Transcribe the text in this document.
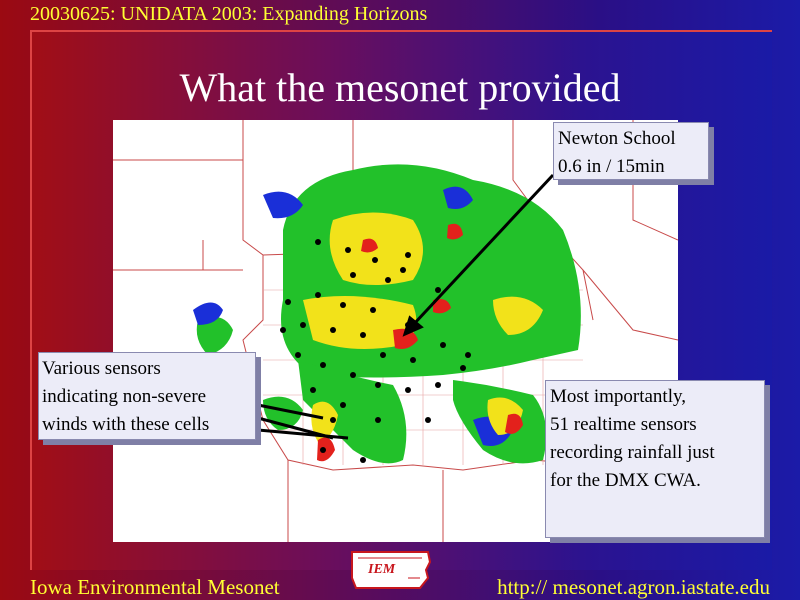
20030625: UNIDATA 2003: Expanding Horizons
What the mesonet provided
Newton School
0.6 in / 15min
Various sensors
indicating non-severe
winds with these cells
Most importantly,
51 realtime sensors
recording rainfall just
for the DMX CWA.
IEM
Iowa Environmental Mesonet	http:// mesonet.agron.iastate.edu
